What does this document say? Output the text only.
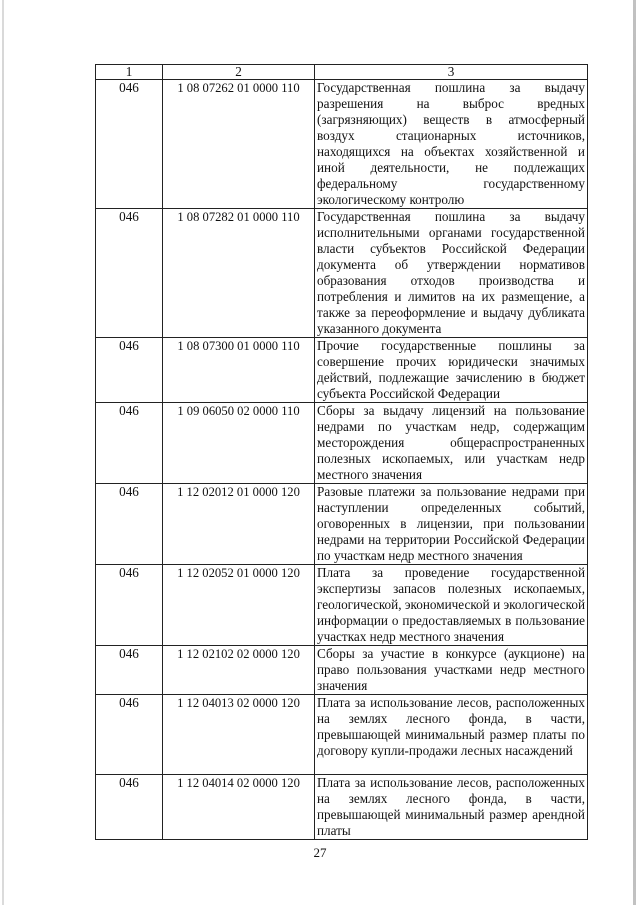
1	2	3
046	1 08 07262 01 0000 110	Государственная пошлина за выдачу разрешения на выброс вредных (загрязняющих) веществ в атмосферный воздух стационарных источников, находящихся на объектах хозяйственной и иной деятельности, не подлежащих федеральному государственному экологическому контролю
046	1 08 07282 01 0000 110	Государственная пошлина за выдачу исполнительными органами государственной власти субъектов Российской Федерации документа об утверждении нормативов образования отходов производства и потребления и лимитов на их размещение, а также за переоформление и выдачу дубликата указанного документа
046	1 08 07300 01 0000 110	Прочие государственные пошлины за совершение прочих юридически значимых действий, подлежащие зачислению в бюджет субъекта Российской Федерации
046	1 09 06050 02 0000 110	Сборы за выдачу лицензий на пользование недрами по участкам недр, содержащим месторождения общераспространенных полезных ископаемых, или участкам недр местного значения
046	1 12 02012 01 0000 120	Разовые платежи за пользование недрами при наступлении определенных событий, оговоренных в лицензии, при пользовании недрами на территории Российской Федерации по участкам недр местного значения
046	1 12 02052 01 0000 120	Плата за проведение государственной экспертизы запасов полезных ископаемых, геологической, экономической и экологической информации о предоставляемых в пользование участках недр местного значения
046	1 12 02102 02 0000 120	Сборы за участие в конкурсе (аукционе) на право пользования участками недр местного значения
046	1 12 04013 02 0000 120	Плата за использование лесов, расположенных на землях лесного фонда, в части, превышающей минимальный размер платы по договору купли-продажи лесных насаждений
046	1 12 04014 02 0000 120	Плата за использование лесов, расположенных на землях лесного фонда, в части, превышающей минимальный размер арендной платы
27
